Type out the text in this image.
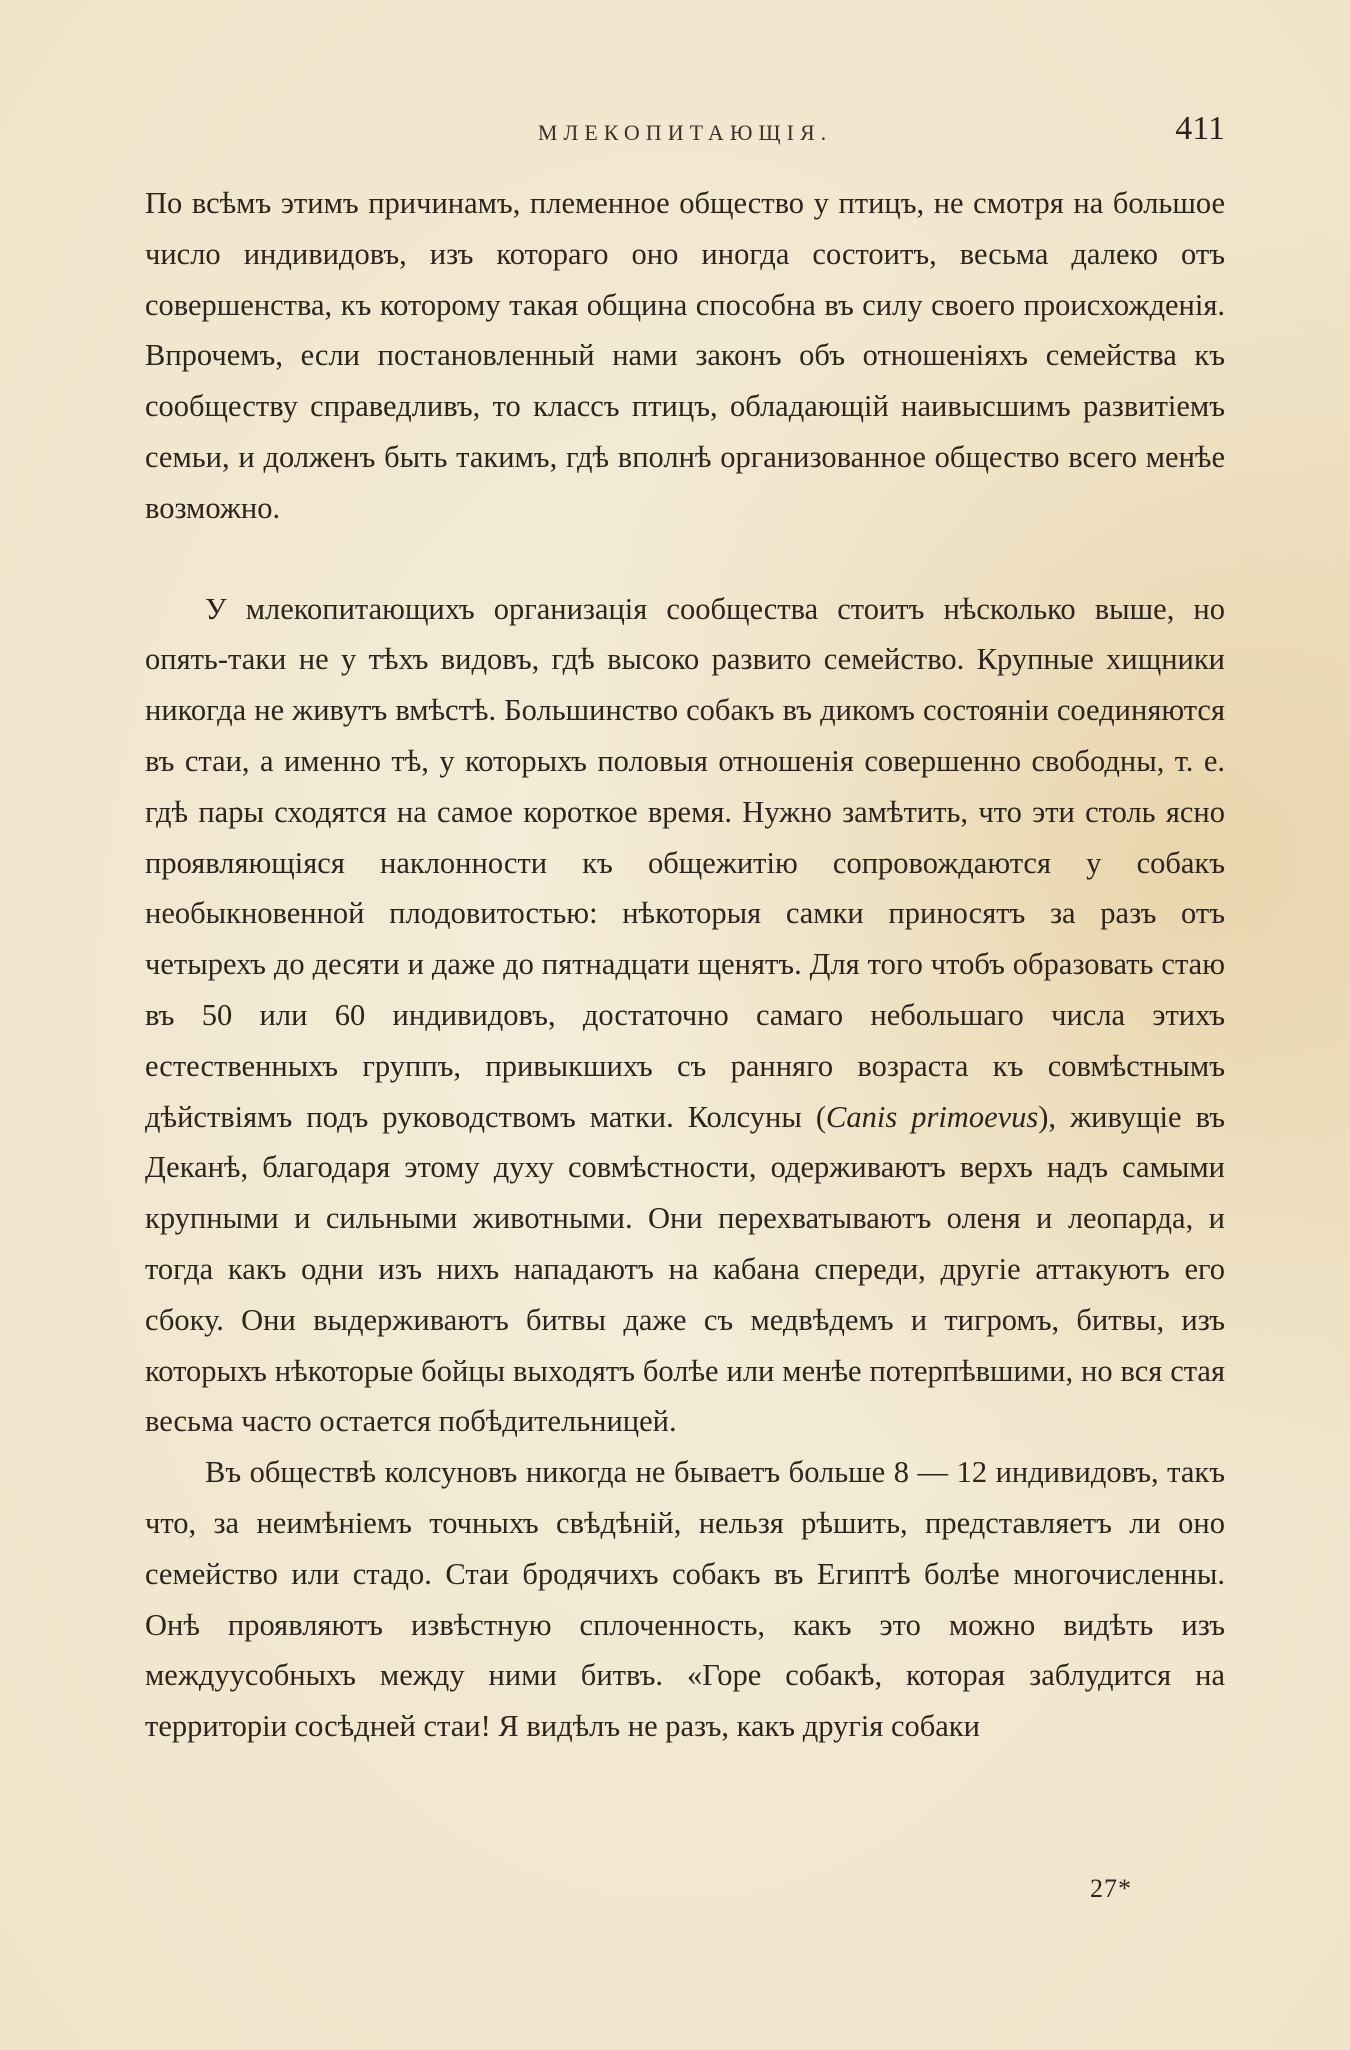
МЛЕКОПИТАЮЩІЯ.	411

По всѣмъ этимъ причинамъ, племенное общество у птицъ, не смотря на большое число индивидовъ, изъ котораго оно иногда состоитъ, весьма далеко отъ совершенства, къ которому такая община способна въ силу своего происхожденія. Впрочемъ, если постановленный нами законъ объ отношеніяхъ семейства къ сообществу справедливъ, то классъ птицъ, обладающій наивысшимъ развитіемъ семьи, и долженъ быть такимъ, гдѣ вполнѣ организованное общество всего менѣе возможно.

У млекопитающихъ организація сообщества стоитъ нѣсколько выше, но опять-таки не у тѣхъ видовъ, гдѣ высоко развито семейство. Крупные хищники никогда не живутъ вмѣстѣ. Большинство собакъ въ дикомъ состояніи соединяются въ стаи, а именно тѣ, у которыхъ половыя отношенія совершенно свободны, т. е. гдѣ пары сходятся на самое короткое время. Нужно замѣтить, что эти столь ясно проявляющіяся наклонности къ общежитію сопровождаются у собакъ необыкновенной плодовитостью: нѣкоторыя самки приносятъ за разъ отъ четырехъ до десяти и даже до пятнадцати щенятъ. Для того чтобъ образовать стаю въ 50 или 60 индивидовъ, достаточно самаго небольшаго числа этихъ естественныхъ группъ, привыкшихъ съ ранняго возраста къ совмѣстнымъ дѣйствіямъ подъ руководствомъ матки. Колсуны (Canis primoevus), живущіе въ Деканѣ, благодаря этому духу совмѣстности, одерживаютъ верхъ надъ самыми крупными и сильными животными. Они перехватываютъ оленя и леопарда, и тогда какъ одни изъ нихъ нападаютъ на кабана спереди, другіе аттакуютъ его сбоку. Они выдерживаютъ битвы даже съ медвѣдемъ и тигромъ, битвы, изъ которыхъ нѣкоторые бойцы выходятъ болѣе или менѣе потерпѣвшими, но вся стая весьма часто остается побѣдительницей.

Въ обществѣ колсуновъ никогда не бываетъ больше 8 — 12 индивидовъ, такъ что, за неимѣніемъ точныхъ свѣдѣній, нельзя рѣшить, представляетъ ли оно семейство или стадо. Стаи бродячихъ собакъ въ Египтѣ болѣе многочисленны. Онѣ проявляютъ извѣстную сплоченность, какъ это можно видѣть изъ междуусобныхъ между ними битвъ. «Горе собакѣ, которая заблудится на территоріи сосѣдней стаи! Я видѣлъ не разъ, какъ другія собаки

27*
